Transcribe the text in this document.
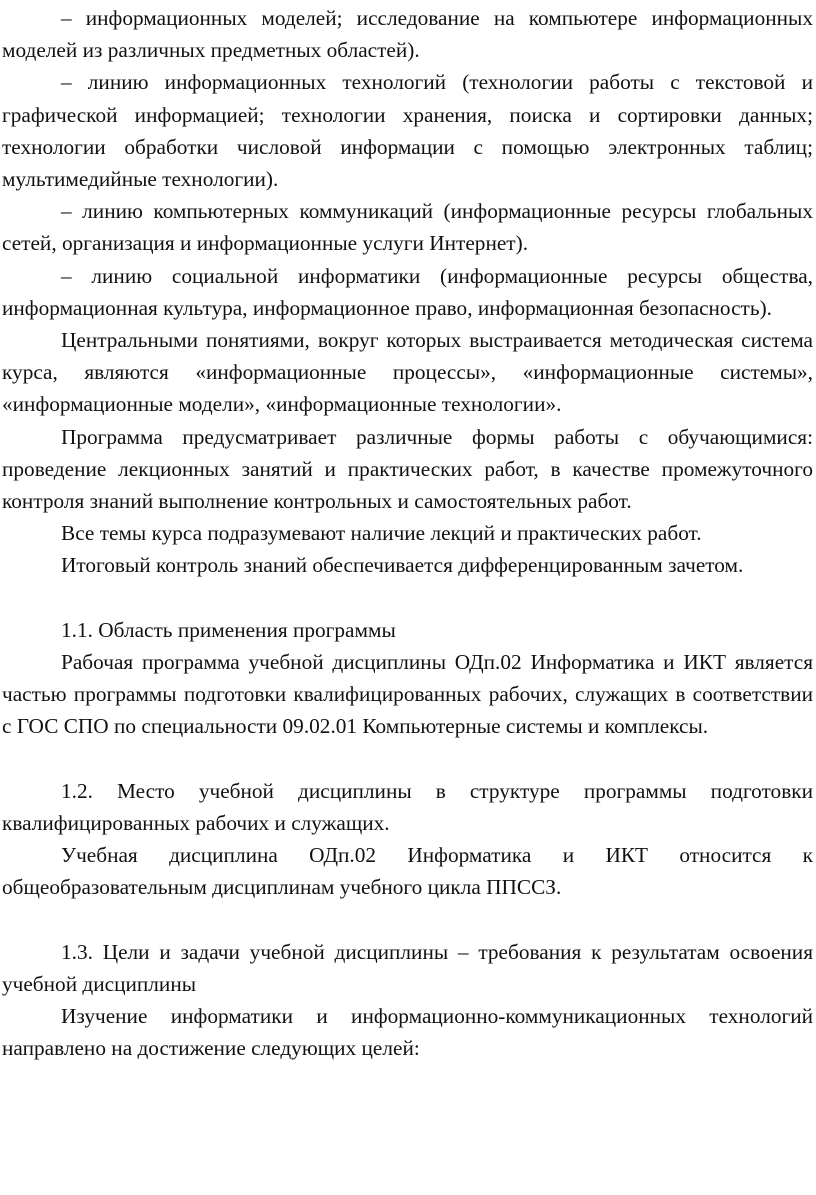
– информационных моделей; исследование на компьютере информационных моделей из различных предметных областей).

– линию информационных технологий (технологии работы с текстовой и графической информацией; технологии хранения, поиска и сортировки данных; технологии обработки числовой информации с помощью электронных таблиц; мультимедийные технологии).

– линию компьютерных коммуникаций (информационные ресурсы глобальных сетей, организация и информационные услуги Интернет).

– линию социальной информатики (информационные ресурсы общества, информационная культура, информационное право, информационная безопасность).

Центральными понятиями, вокруг которых выстраивается методическая система курса, являются «информационные процессы», «информационные системы», «информационные модели», «информационные технологии».

Программа предусматривает различные формы работы с обучающимися: проведение лекционных занятий и практических работ, в качестве промежуточного контроля знаний выполнение контрольных и самостоятельных работ.

Все темы курса подразумевают наличие лекций и практических работ.

Итоговый контроль знаний обеспечивается дифференцированным зачетом.

1.1. Область применения программы

Рабочая программа учебной дисциплины ОДп.02 Информатика и ИКТ является частью программы подготовки квалифицированных рабочих, служащих в соответствии с ГОС СПО по специальности 09.02.01 Компьютерные системы и комплексы.

1.2. Место учебной дисциплины в структуре программы подготовки квалифицированных рабочих и служащих.

Учебная дисциплина ОДп.02 Информатика и ИКТ относится к общеобразовательным дисциплинам учебного цикла ППССЗ.

1.3. Цели и задачи учебной дисциплины – требования к результатам освоения учебной дисциплины

Изучение информатики и информационно-коммуникационных технологий направлено на достижение следующих целей:
